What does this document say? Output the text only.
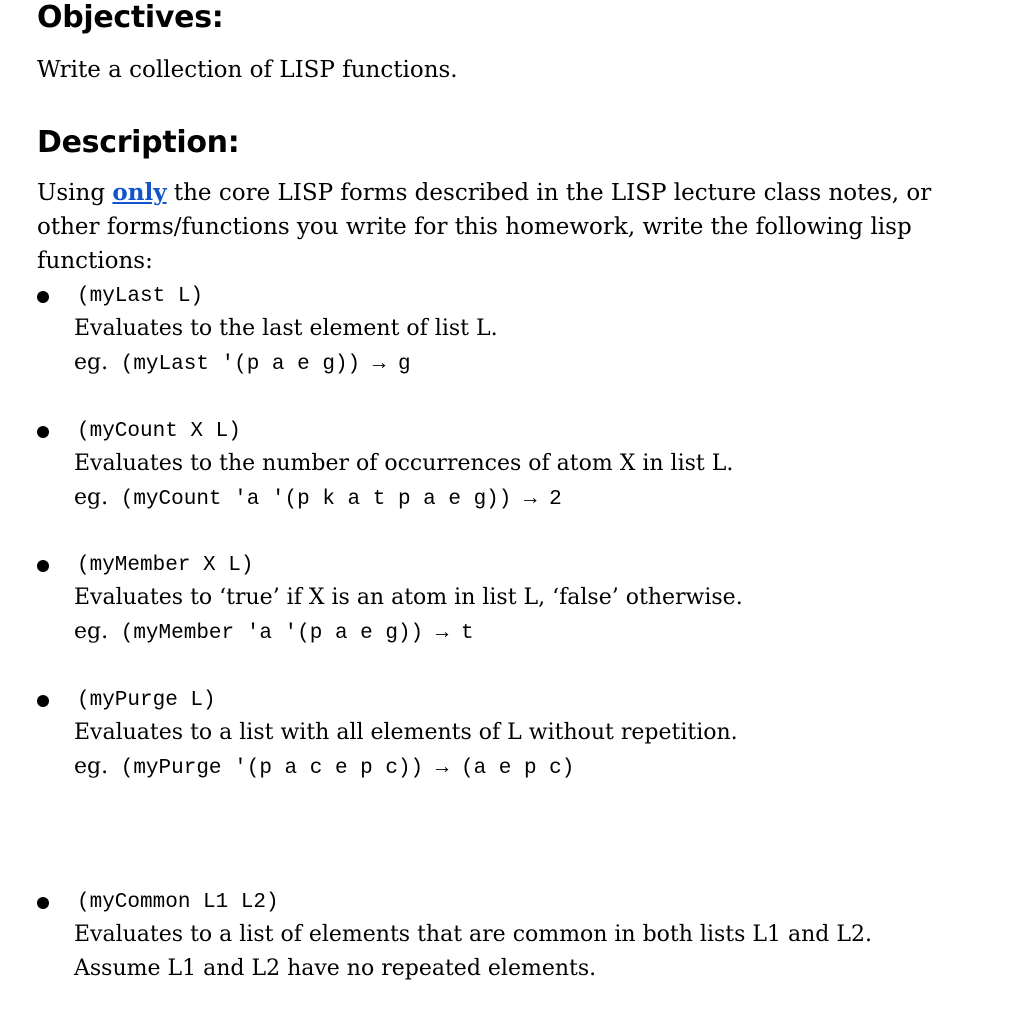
Objectives:

Write a collection of LISP functions.

Description:

Using only the core LISP forms described in the LISP lecture class notes, or other forms/functions you write for this homework, write the following lisp functions:

(myLast L)
Evaluates to the last element of list L.
eg. (myLast '(p a e g)) → g
(myCount X L)
Evaluates to the number of occurrences of atom X in list L.
eg. (myCount 'a '(p k a t p a e g)) → 2
(myMember X L)
Evaluates to ‘true’ if X is an atom in list L, ‘false’ otherwise.
eg. (myMember 'a '(p a e g)) → t
(myPurge L)
Evaluates to a list with all elements of L without repetition.
eg. (myPurge '(p a c e p c)) → (a e p c)
(myCommon L1 L2)
Evaluates to a list of elements that are common in both lists L1 and L2.
Assume L1 and L2 have no repeated elements.
